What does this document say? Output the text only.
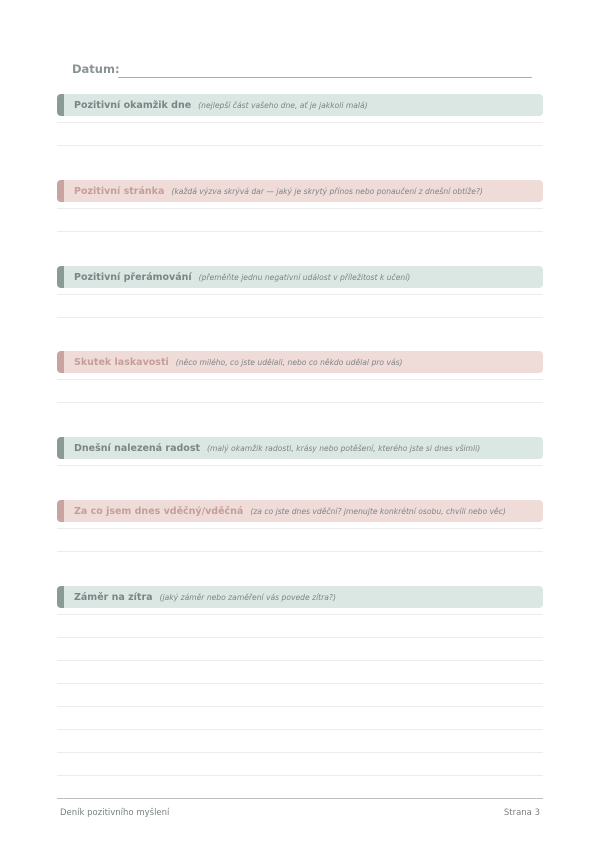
Datum:
Pozitivní okamžik dne (nejlepší část vašeho dne, ať je jakkoli malá)
Pozitivní stránka (každá výzva skrývá dar — jaký je skrytý přínos nebo ponaučení z dnešní obtíže?)
Pozitivní přerámování (přeměňte jednu negativní událost v příležitost k učení)
Skutek laskavosti (něco milého, co jste udělali, nebo co někdo udělal pro vás)
Dnešní nalezená radost (malý okamžik radosti, krásy nebo potěšení, kterého jste si dnes všimli)
Za co jsem dnes vděčný/vděčná (za co jste dnes vděční? jmenujte konkrétní osobu, chvíli nebo věc)
Záměr na zítra (jaký záměr nebo zaměření vás povede zítra?)
Deník pozitivního myšlení	Strana 3
